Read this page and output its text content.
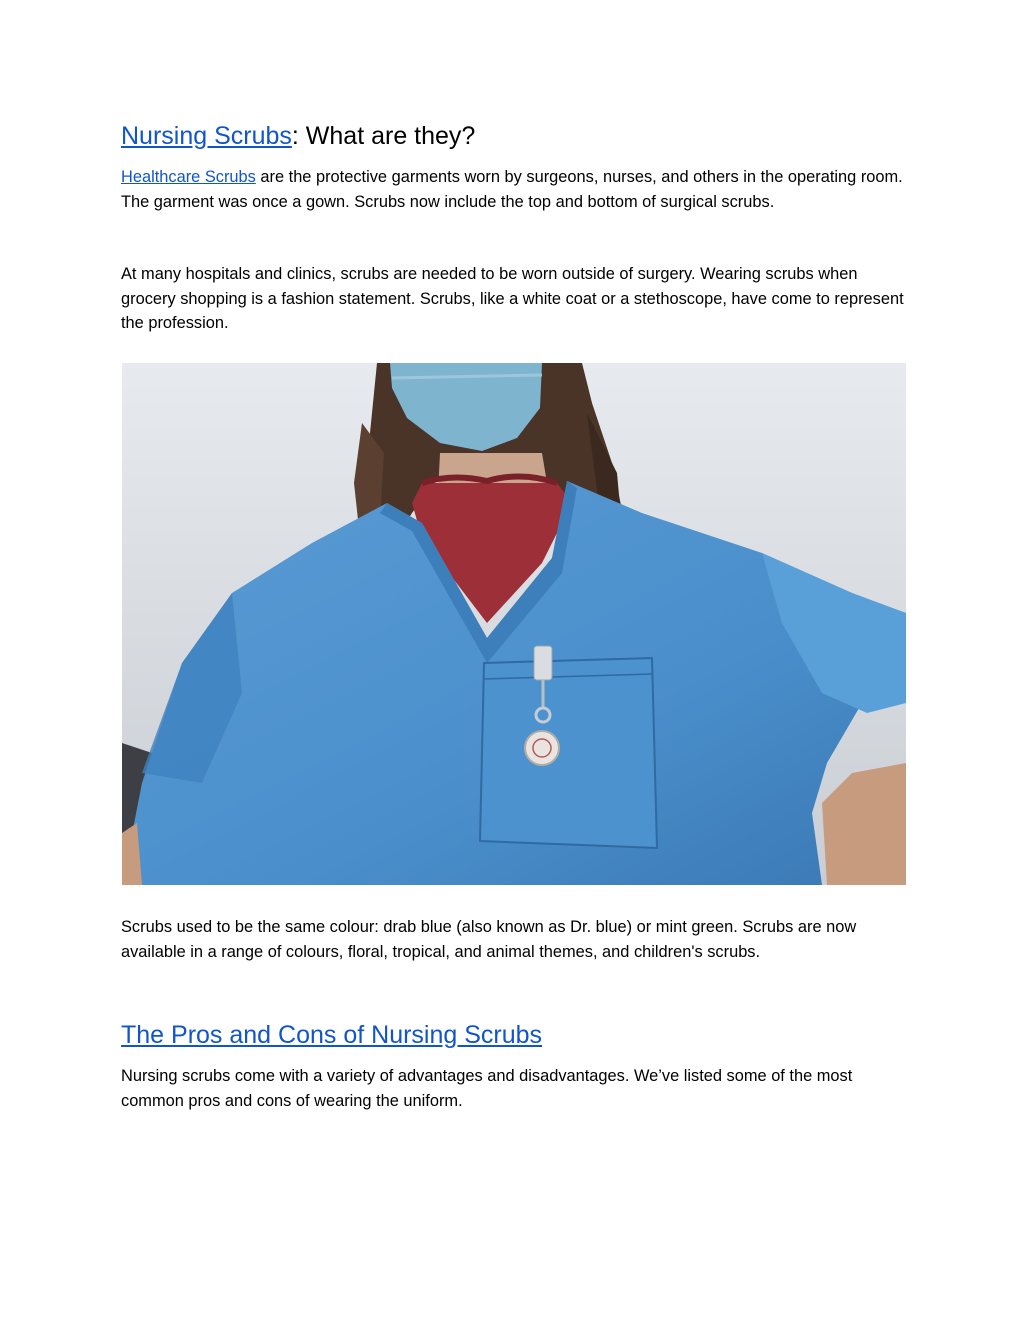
Nursing Scrubs: What are they?

Healthcare Scrubs are the protective garments worn by surgeons, nurses, and others in the operating room. The garment was once a gown. Scrubs now include the top and bottom of surgical scrubs.

At many hospitals and clinics, scrubs are needed to be worn outside of surgery. Wearing scrubs when grocery shopping is a fashion statement. Scrubs, like a white coat or a stethoscope, have come to represent the profession.

Scrubs used to be the same colour: drab blue (also known as Dr. blue) or mint green. Scrubs are now available in a range of colours, floral, tropical, and animal themes, and children's scrubs.

The Pros and Cons of Nursing Scrubs

Nursing scrubs come with a variety of advantages and disadvantages. We’ve listed some of the most common pros and cons of wearing the uniform.
